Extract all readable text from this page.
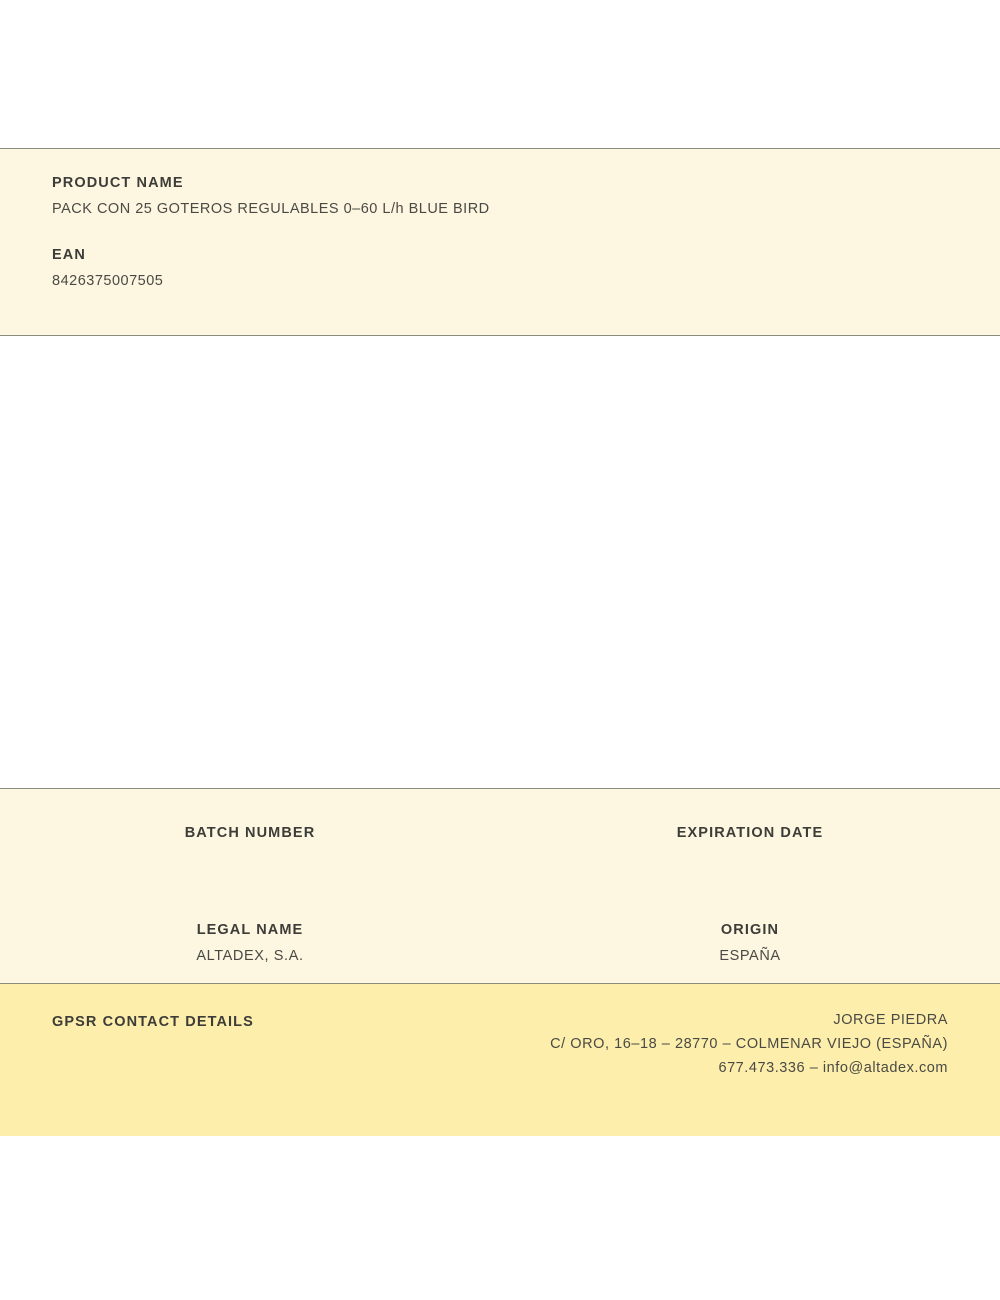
PRODUCT NAME

PACK CON 25 GOTEROS REGULABLES 0–60 L/h BLUE BIRD

EAN

8426375007505

BATCH NUMBER	EXPIRATION DATE

LEGAL NAME

ALTADEX, S.A.

ORIGIN

ESPAÑA

GPSR CONTACT DETAILS	JORGE PIEDRA

C/ ORO, 16–18 – 28770 – COLMENAR VIEJO (ESPAÑA)

677.473.336 – info@altadex.com
